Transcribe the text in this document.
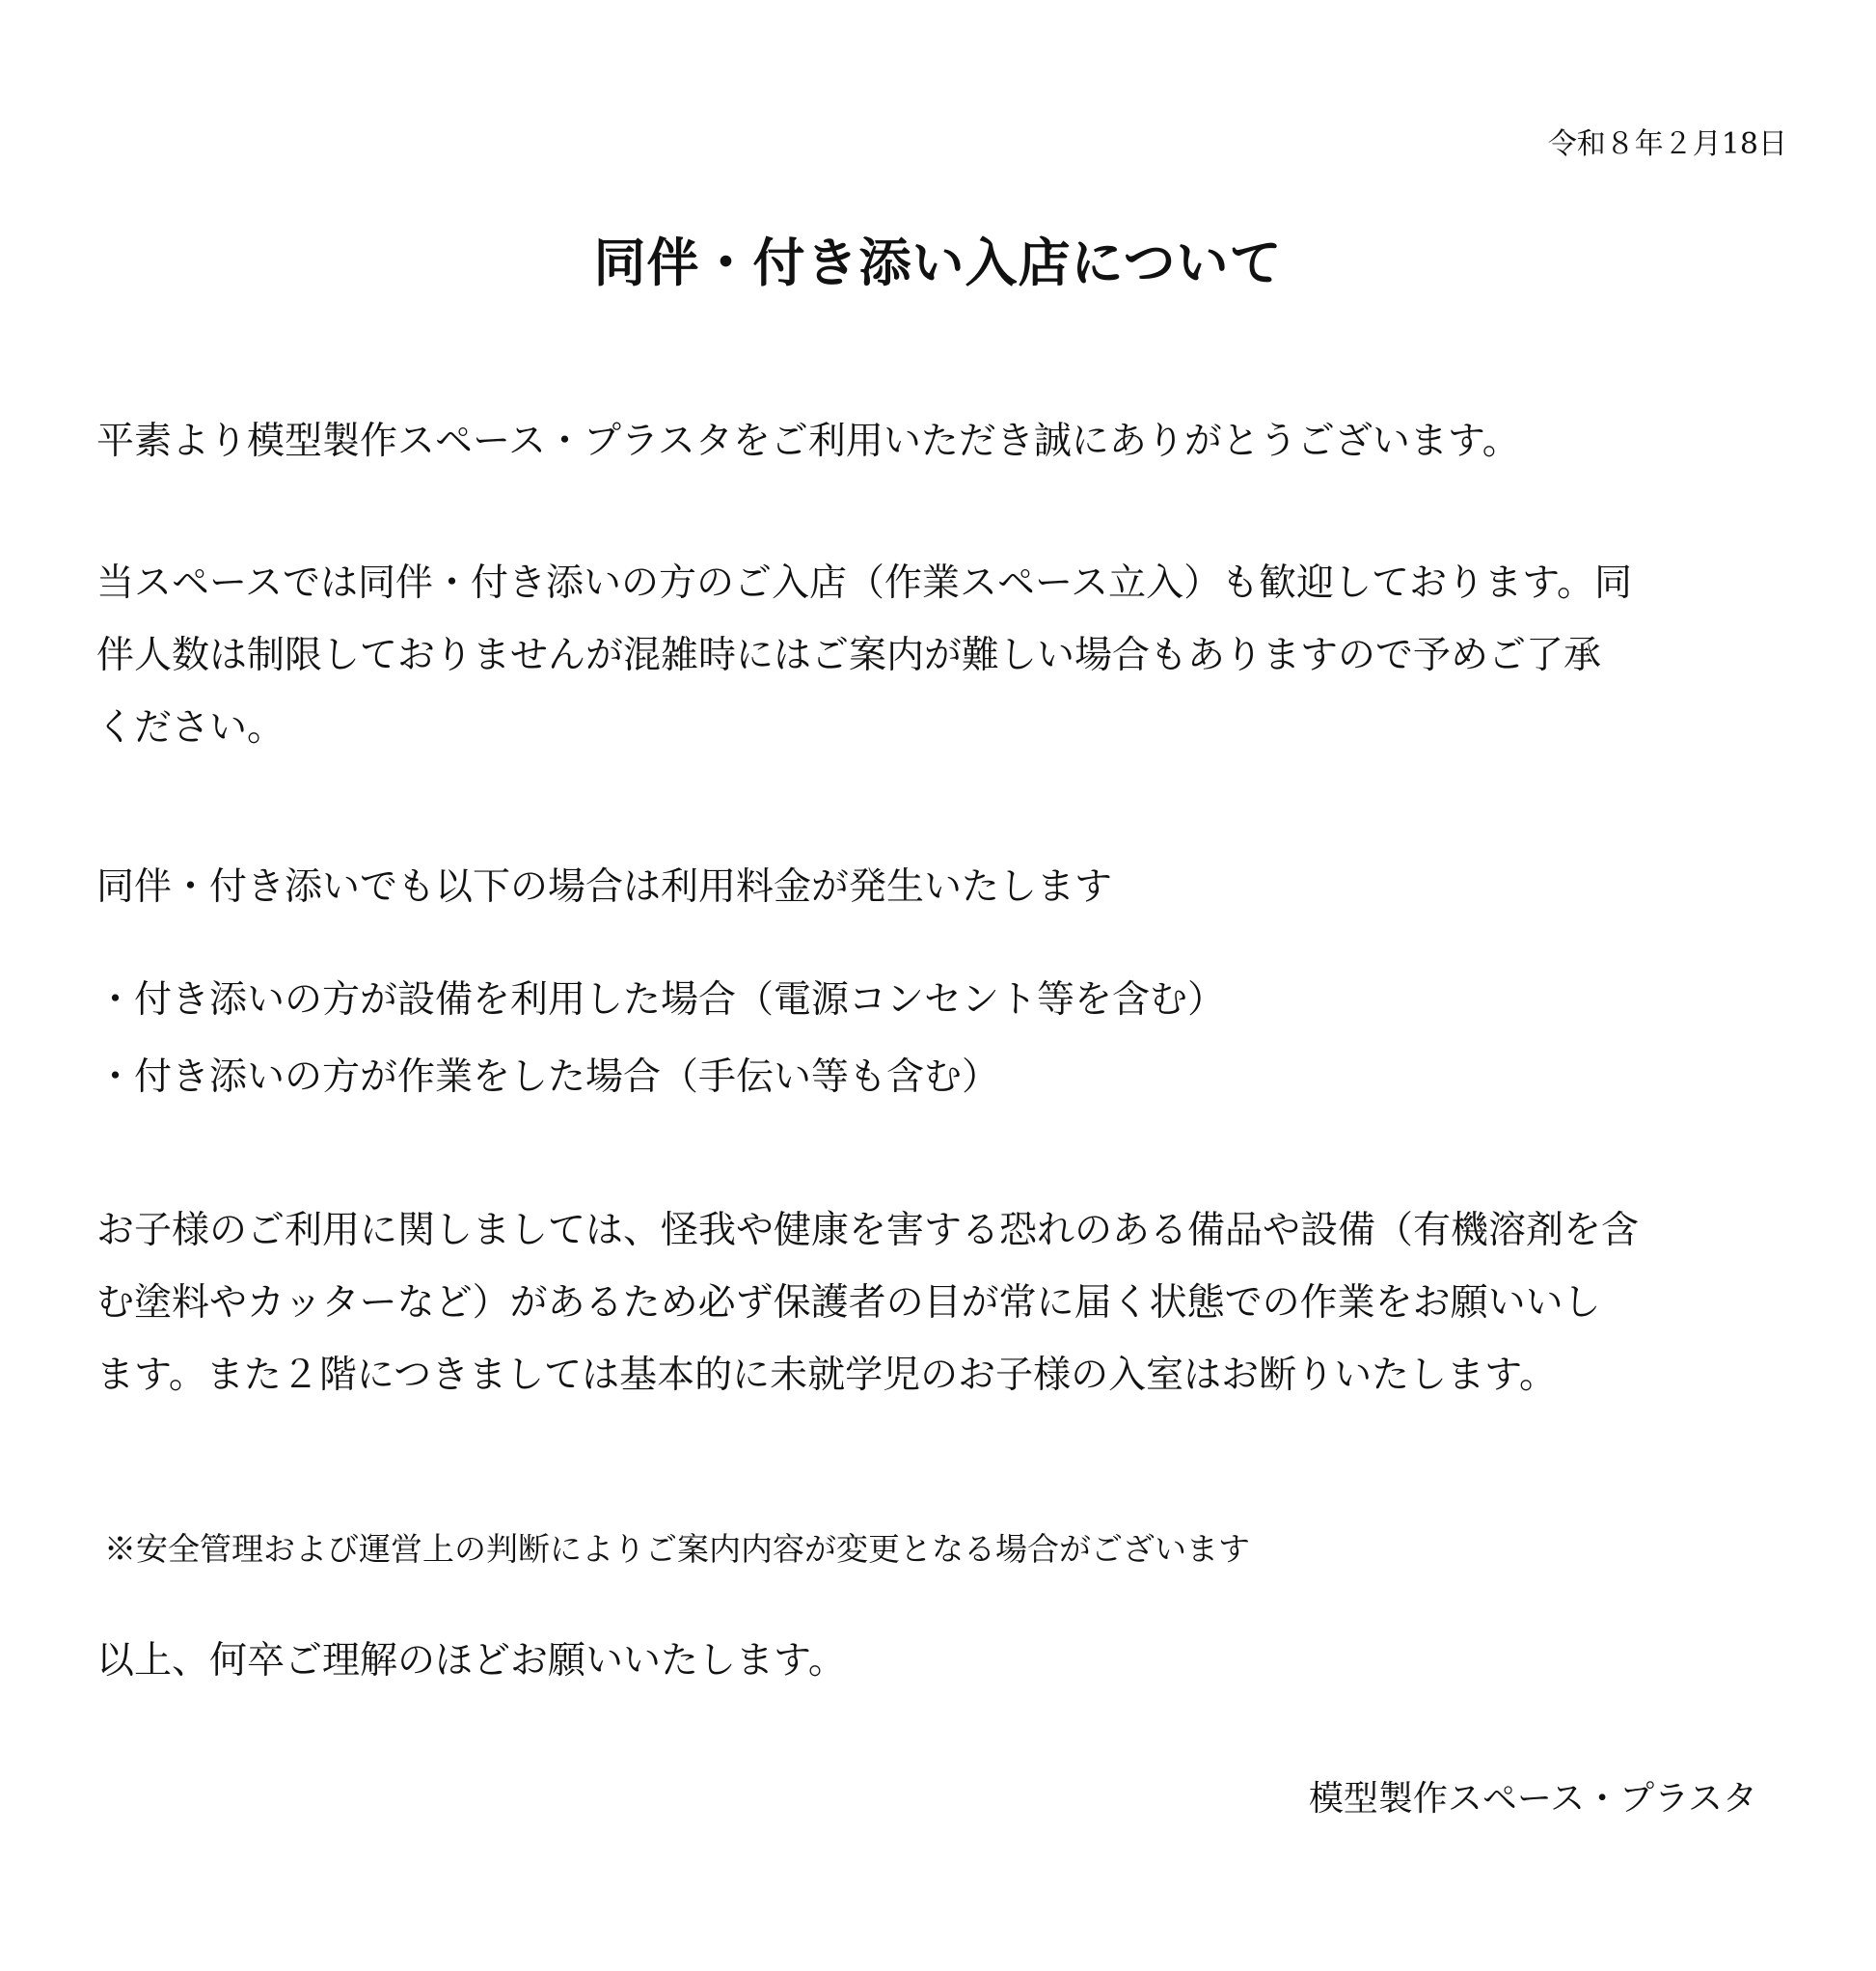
令和８年２月18日
同伴・付き添い入店について

平素より模型製作スペース・プラスタをご利用いただき誠にありがとうございます。

当スペースでは同伴・付き添いの方のご入店（作業スペース立入）も歓迎しております。同
伴人数は制限しておりませんが混雑時にはご案内が難しい場合もありますので予めご了承
ください。

同伴・付き添いでも以下の場合は利用料金が発生いたします

・付き添いの方が設備を利用した場合（電源コンセント等を含む）
・付き添いの方が作業をした場合（手伝い等も含む）
お子様のご利用に関しましては、怪我や健康を害する恐れのある備品や設備（有機溶剤を含
む塗料やカッターなど）があるため必ず保護者の目が常に届く状態での作業をお願いいし
ます。また２階につきましては基本的に未就学児のお子様の入室はお断りいたします。

※安全管理および運営上の判断によりご案内内容が変更となる場合がございます

以上、何卒ご理解のほどお願いいたします。

模型製作スペース・プラスタ
